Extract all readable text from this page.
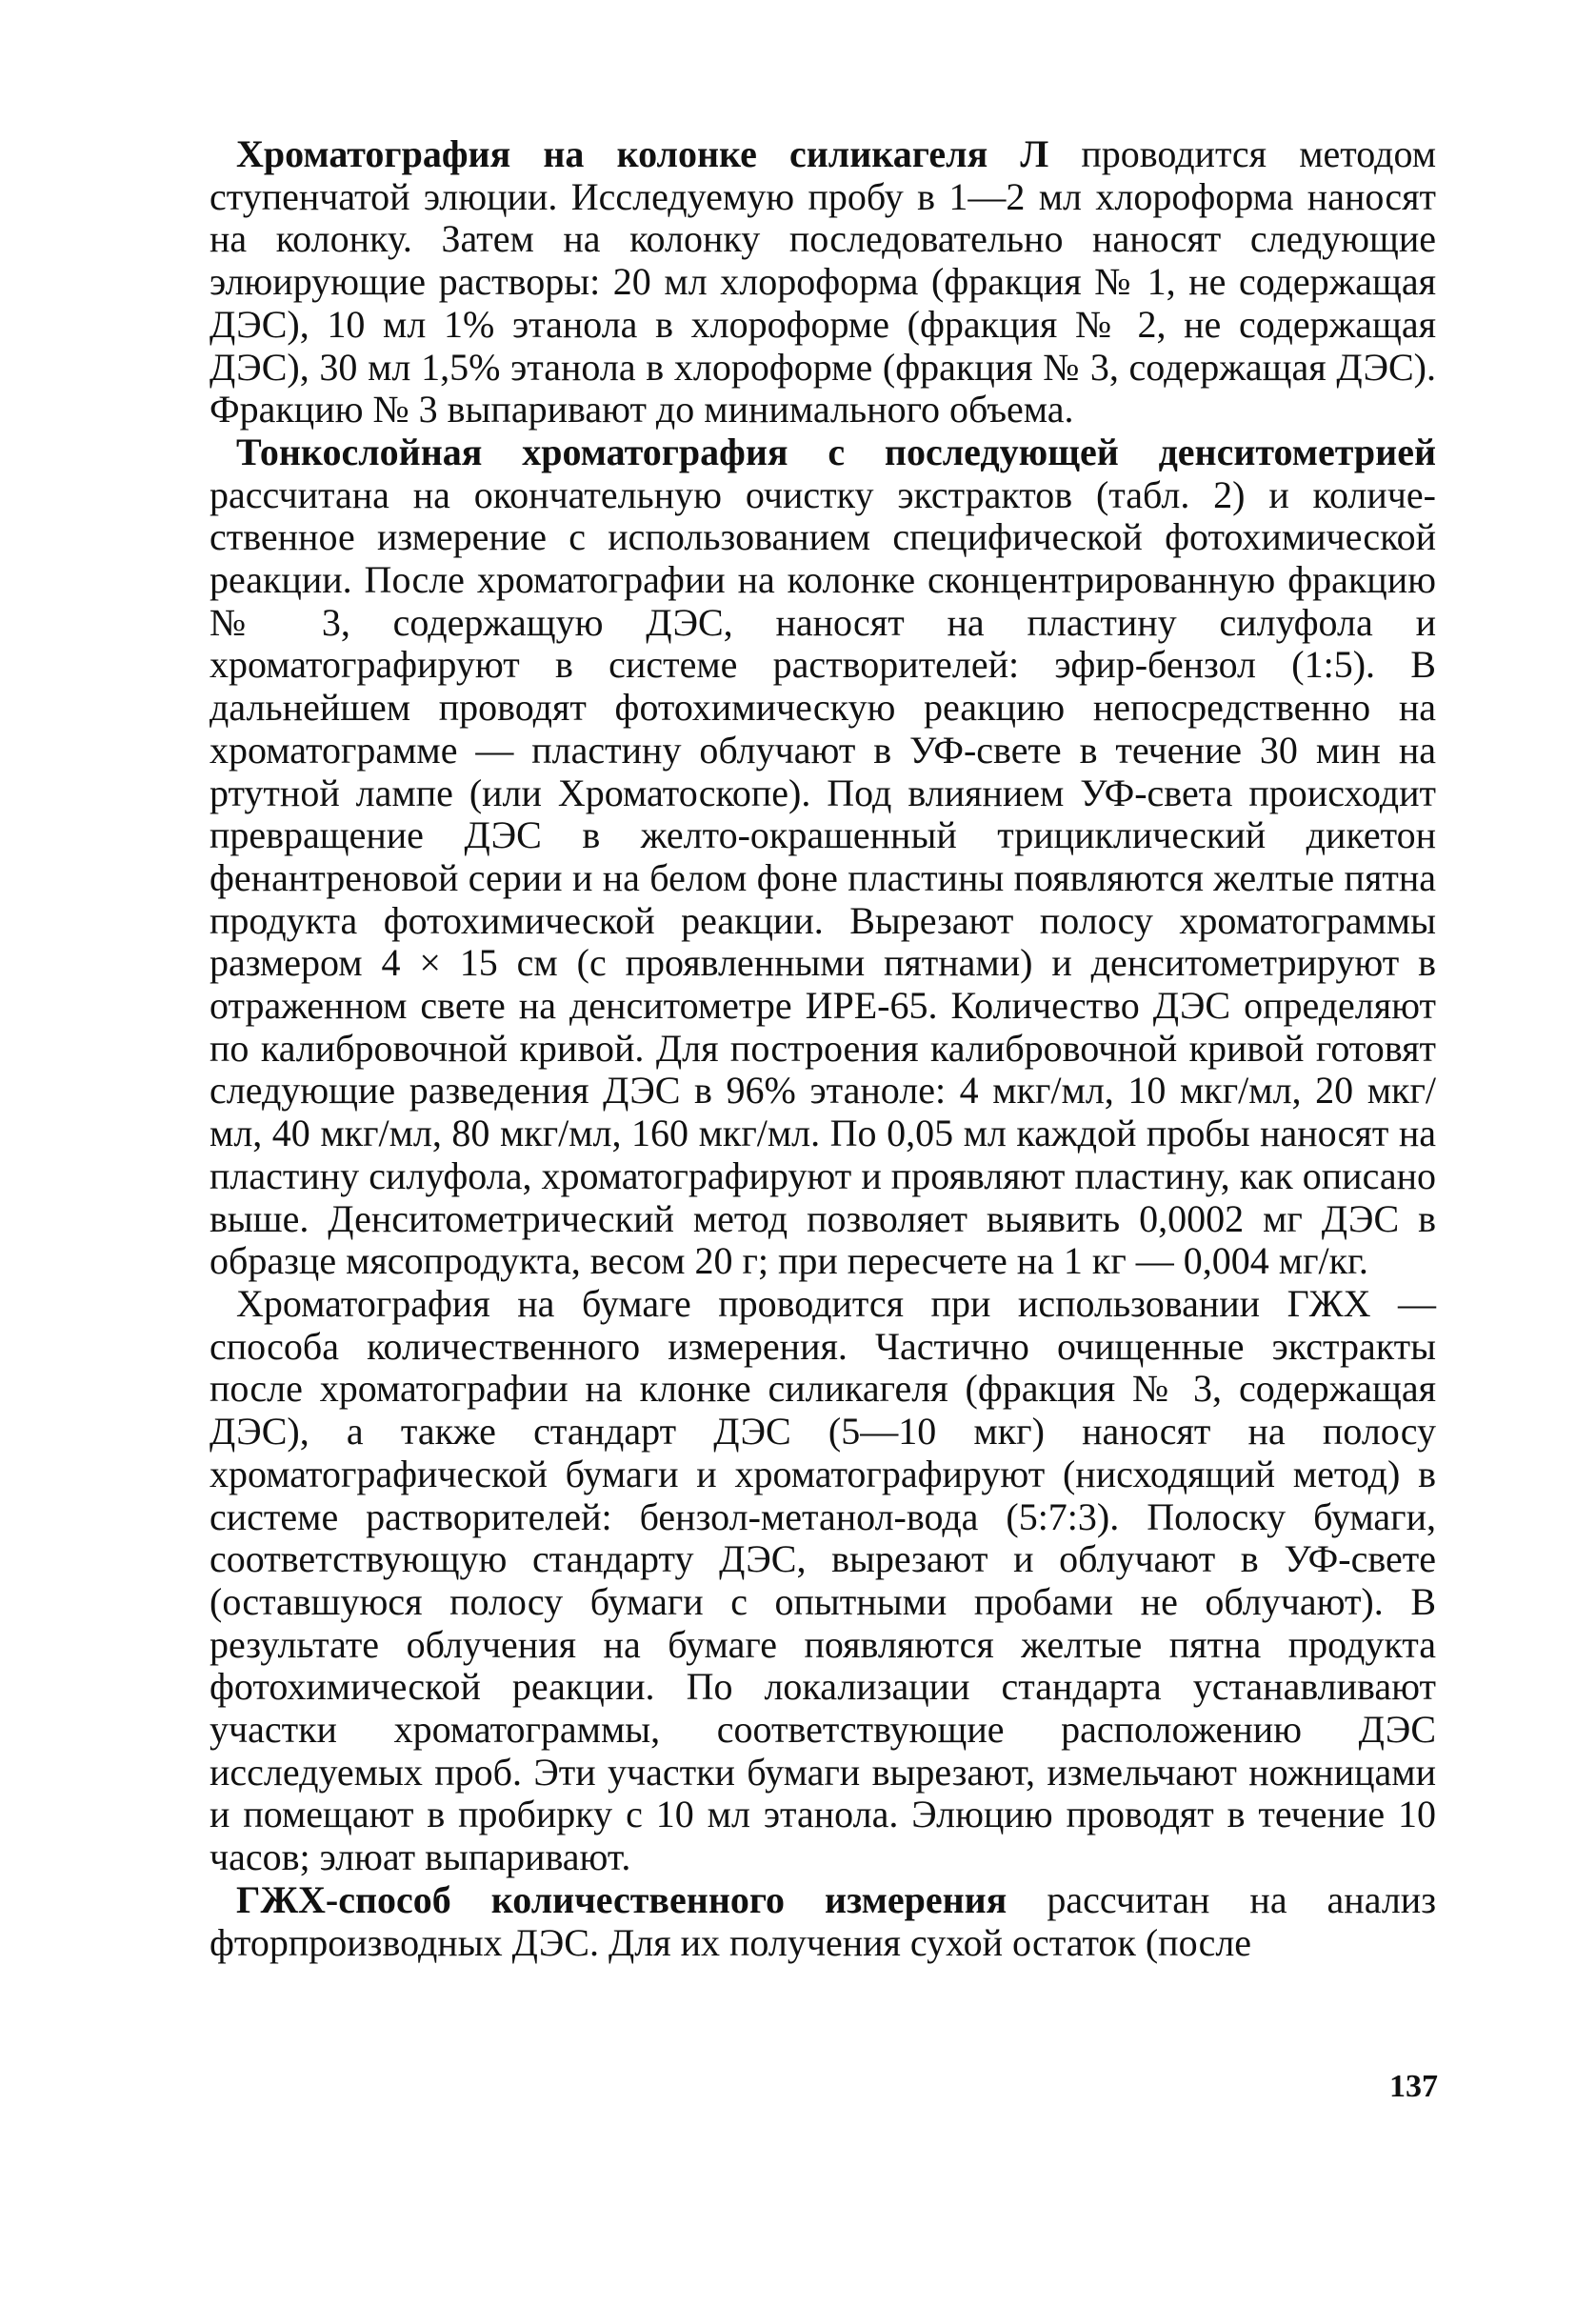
Хроматография на колонке силикагеля Л проводится методом ступенчатой элюции. Исследуемую пробу в 1—2 мл хлороформа наносят на колонку. Затем на колонку последовательно наносят следующие элюирующие растворы: 20 мл хлороформа (фракция № 1, не содержащая ДЭС), 10 мл 1% этанола в хлороформе (фракция № 2, не содержащая ДЭС), 30 мл 1,5% этанола в хлороформе (фракция № 3, содержащая ДЭС). Фракцию № 3 выпаривают до минимального объема.

Тонкослойная хроматография с последующей денситометрией рассчитана на окончательную очистку экстрактов (табл. 2) и количественное измерение с использованием специфической фотохимической реакции. После хроматографии на колонке сконцентрированную фракцию № 3, содержащую ДЭС, наносят на пластину силуфола и хроматографируют в системе растворителей: эфир-бензол (1:5). В дальнейшем проводят фотохимическую реакцию непосредственно на хроматограмме — пластину облучают в УФ-свете в течение 30 мин на ртутной лампе (или Хроматоскопе). Под влиянием УФ-света происходит превращение ДЭС в желто-окрашенный трициклический дикетон фенантреновой серии и на белом фоне пластины появляются желтые пятна продукта фотохимической реакции. Вырезают полосу хроматограммы размером 4 × 15 см (с проявленными пятнами) и денситометрируют в отраженном свете на денситометре ИРЕ-65. Количество ДЭС определяют по калибровочной кривой. Для построения калибровочной кривой готовят следующие разведения ДЭС в 96% этаноле: 4 мкг/мл, 10 мкг/мл, 20 мкг/мл, 40 мкг/мл, 80 мкг/мл, 160 мкг/мл. По 0,05 мл каждой пробы наносят на пластину силуфола, хроматографируют и проявляют пластину, как описано выше. Денситометрический метод позволяет выявить 0,0002 мг ДЭС в образце мясопродукта, весом 20 г; при пересчете на 1 кг — 0,004 мг/кг.

Хроматография на бумаге проводится при использовании ГЖХ — способа количественного измерения. Частично очищенные экстракты после хроматографии на клонке силикагеля (фракция № 3, содержащая ДЭС), а также стандарт ДЭС (5—10 мкг) наносят на полосу хроматографической бумаги и хроматографируют (нисходящий метод) в системе растворителей: бензол-метанол-вода (5:7:3). Полоску бумаги, соответствующую стандарту ДЭС, вырезают и облучают в УФ-свете (оставшуюся полосу бумаги с опытными пробами не облучают). В результате облучения на бумаге появляются желтые пятна продукта фотохимической реакции. По локализации стандарта устанавливают участки хроматограммы, соответствующие расположению ДЭС исследуемых проб. Эти участки бумаги вырезают, измельчают ножницами и помещают в пробирку с 10 мл этанола. Элюцию проводят в течение 10 часов; элюат выпаривают.

ГЖХ-способ количественного измерения рассчитан на анализ фторпроизводных ДЭС. Для их получения сухой остаток (после

137
